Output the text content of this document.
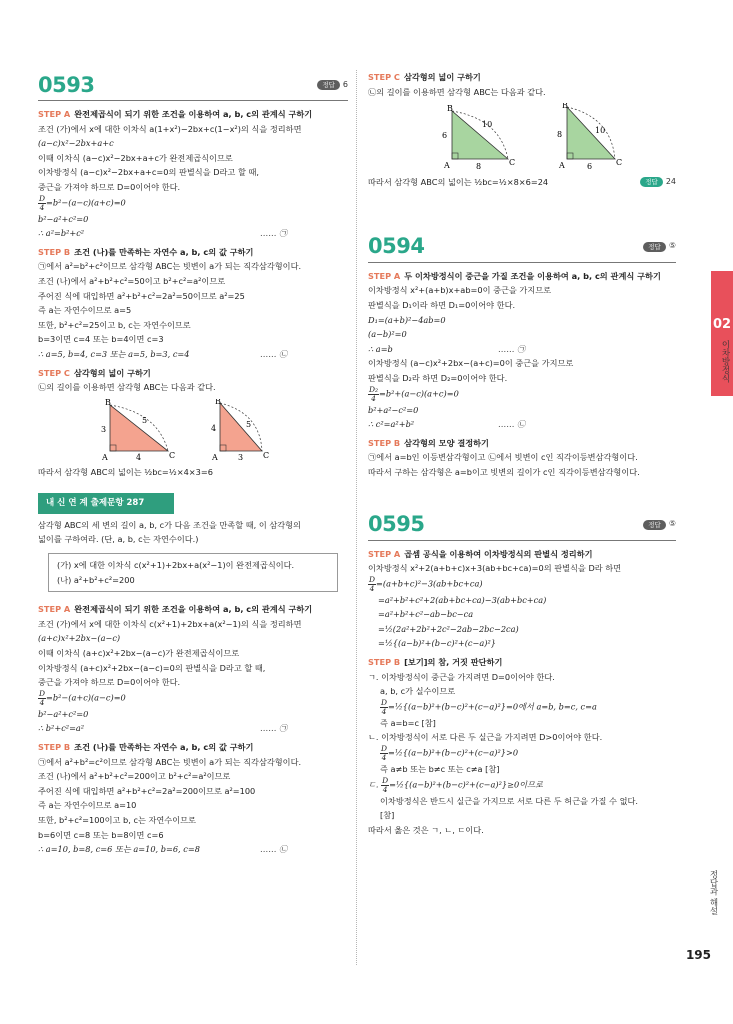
0593	정답	6
STEP A 완전제곱식이 되기 위한 조건을 이용하여 a, b, c의 관계식 구하기
조건 (가)에서 x에 대한 이차식 a(1+x²)−2bx+c(1−x²)의 식을 정리하면
(a−c)x²−2bx+a+c
이때 이차식 (a−c)x²−2bx+a+c가 완전제곱식이므로
이차방정식 (a−c)x²−2bx+a+c=0의 판별식을 D라고 할 때,
중근을 가져야 하므로 D=0이어야 한다.
$\frac{D}{4} =b^2-(a-c)(a+c)=0$
b²−a²+c²=0
∴ a²=b²+c²	…… ㉠
STEP B 조건 (나)를 만족하는 자연수 a, b, c의 값 구하기
㉠에서 a²=b²+c²이므로 삼각형 ABC는 빗변이 a가 되는 직각삼각형이다.
조건 (나)에서 a²+b²+c²=50이고 b²+c²=a²이므로
주어진 식에 대입하면 a²+b²+c²=2a²=50이므로 a²=25
즉 a는 자연수이므로 a=5
또한, b²+c²=25이고 b, c는 자연수이므로
b=3이면 c=4 또는 b=4이면 c=3
∴ a=5, b=4, c=3 또는 a=5, b=3, c=4	…… ㉡
STEP C 삼각형의 넓이 구하기
㉡의 길이를 이용하면 삼각형 ABC는 다음과 같다.
B
A	C
3
5
4
B
A	C
4	5
3
따라서 삼각형 ABC의 넓이는 ½bc=½×4×3=6
내 신 연 계 출제문항 287
삼각형 ABC의 세 변의 길이 a, b, c가 다음 조건을 만족할 때, 이 삼각형의
넓이를 구하여라. (단, a, b, c는 자연수이다.)
(가) x에 대한 이차식 c(x²+1)+2bx+a(x²−1)이 완전제곱식이다.
(나) a²+b²+c²=200
STEP A 완전제곱식이 되기 위한 조건을 이용하여 a, b, c의 관계식 구하기
조건 (가)에서 x에 대한 이차식 c(x²+1)+2bx+a(x²−1)의 식을 정리하면
(a+c)x²+2bx−(a−c)
이때 이차식 (a+c)x²+2bx−(a−c)가 완전제곱식이므로
이차방정식 (a+c)x²+2bx−(a−c)=0의 판별식을 D라고 할 때,
중근을 가져야 하므로 D=0이어야 한다.
$\frac{D}{4} =b^2-(a+c)(a-c)=0$
b²−a²+c²=0
∴ b²+c²=a²	…… ㉠
STEP B 조건 (나)를 만족하는 자연수 a, b, c의 값 구하기
㉠에서 a²+b²=c²이므로 삼각형 ABC는 빗변이 a가 되는 직각삼각형이다.
조건 (나)에서 a²+b²+c²=200이고 b²+c²=a²이므로
주어진 식에 대입하면 a²+b²+c²=2a²=200이므로 a²=100
즉 a는 자연수이므로 a=10
또한, b²+c²=100이고 b, c는 자연수이므로
b=6이면 c=8 또는 b=8이면 c=6
∴ a=10, b=8, c=6 또는 a=10, b=6, c=8	…… ㉡
STEP C 삼각형의 넓이 구하기
㉡의 길이를 이용하면 삼각형 ABC는 다음과 같다.
B
A	C
6
10
8
B
A	C
8	10
6
따라서 삼각형 ABC의 넓이는 ½bc=½×8×6=24	정답	24
0594	정답	⑤
STEP A 두 이차방정식이 중근을 가질 조건을 이용하여 a, b, c의 관계식 구하기
이차방정식 x²+(a+b)x+ab=0이 중근을 가지므로
판별식을 D₁이라 하면 D₁=0이어야 한다.
D₁=(a+b)²−4ab=0
(a−b)²=0
∴ a=b	…… ㉠
이차방정식 (a−c)x²+2bx−(a+c)=0이 중근을 가지므로
판별식을 D₂라 하면 D₂=0이어야 한다.
$\frac{\text{D₂}}{4} =b^2+(a-c)(a+c)=0$
b²+a²−c²=0
∴ c²=a²+b²	…… ㉡
STEP B 삼각형의 모양 결정하기
㉠에서 a=b인 이등변삼각형이고 ㉡에서 빗변이 c인 직각이등변삼각형이다.
따라서 구하는 삼각형은 a=b이고 빗변의 길이가 c인 직각이등변삼각형이다.
0595	정답	⑤
STEP A 곱셈 공식을 이용하여 이차방정식의 판별식 정리하기
이차방정식 x²+2(a+b+c)x+3(ab+bc+ca)=0의 판별식을 D라 하면
$\frac{D}{4} =(a+b+c)^2-3(ab+bc+ca)$
=a²+b²+c²+2(ab+bc+ca)−3(ab+bc+ca)
=a²+b²+c²−ab−bc−ca
=½(2a²+2b²+2c²−2ab−2bc−2ca)
=½{(a−b)²+(b−c)²+(c−a)²}
STEP B [보기]의 참, 거짓 판단하기
ㄱ. 이차방정식이 중근을 가지려면 D=0이어야 한다.
a, b, c가 실수이므로
$\frac{D}{4}$ =½{(a−b)²+(b−c)²+(c−a)²}=0에서 a=b, b=c, c=a
즉 a=b=c [참]
ㄴ. 이차방정식이 서로 다른 두 실근을 가지려면 D>0이어야 한다.
$\frac{D}{4}$ =½{(a−b)²+(b−c)²+(c−a)²}>0
즉 a≠b 또는 b≠c 또는 c≠a [참]
ㄷ. $\frac{D}{4}$ =½{(a−b)²+(b−c)²+(c−a)²}≥0이므로
이차방정식은 반드시 실근을 가지므로 서로 다른 두 허근을 가질 수 없다.
[참]
따라서 옳은 것은 ㄱ, ㄴ, ㄷ이다.
02
이차방정식
정답과 해설
195
